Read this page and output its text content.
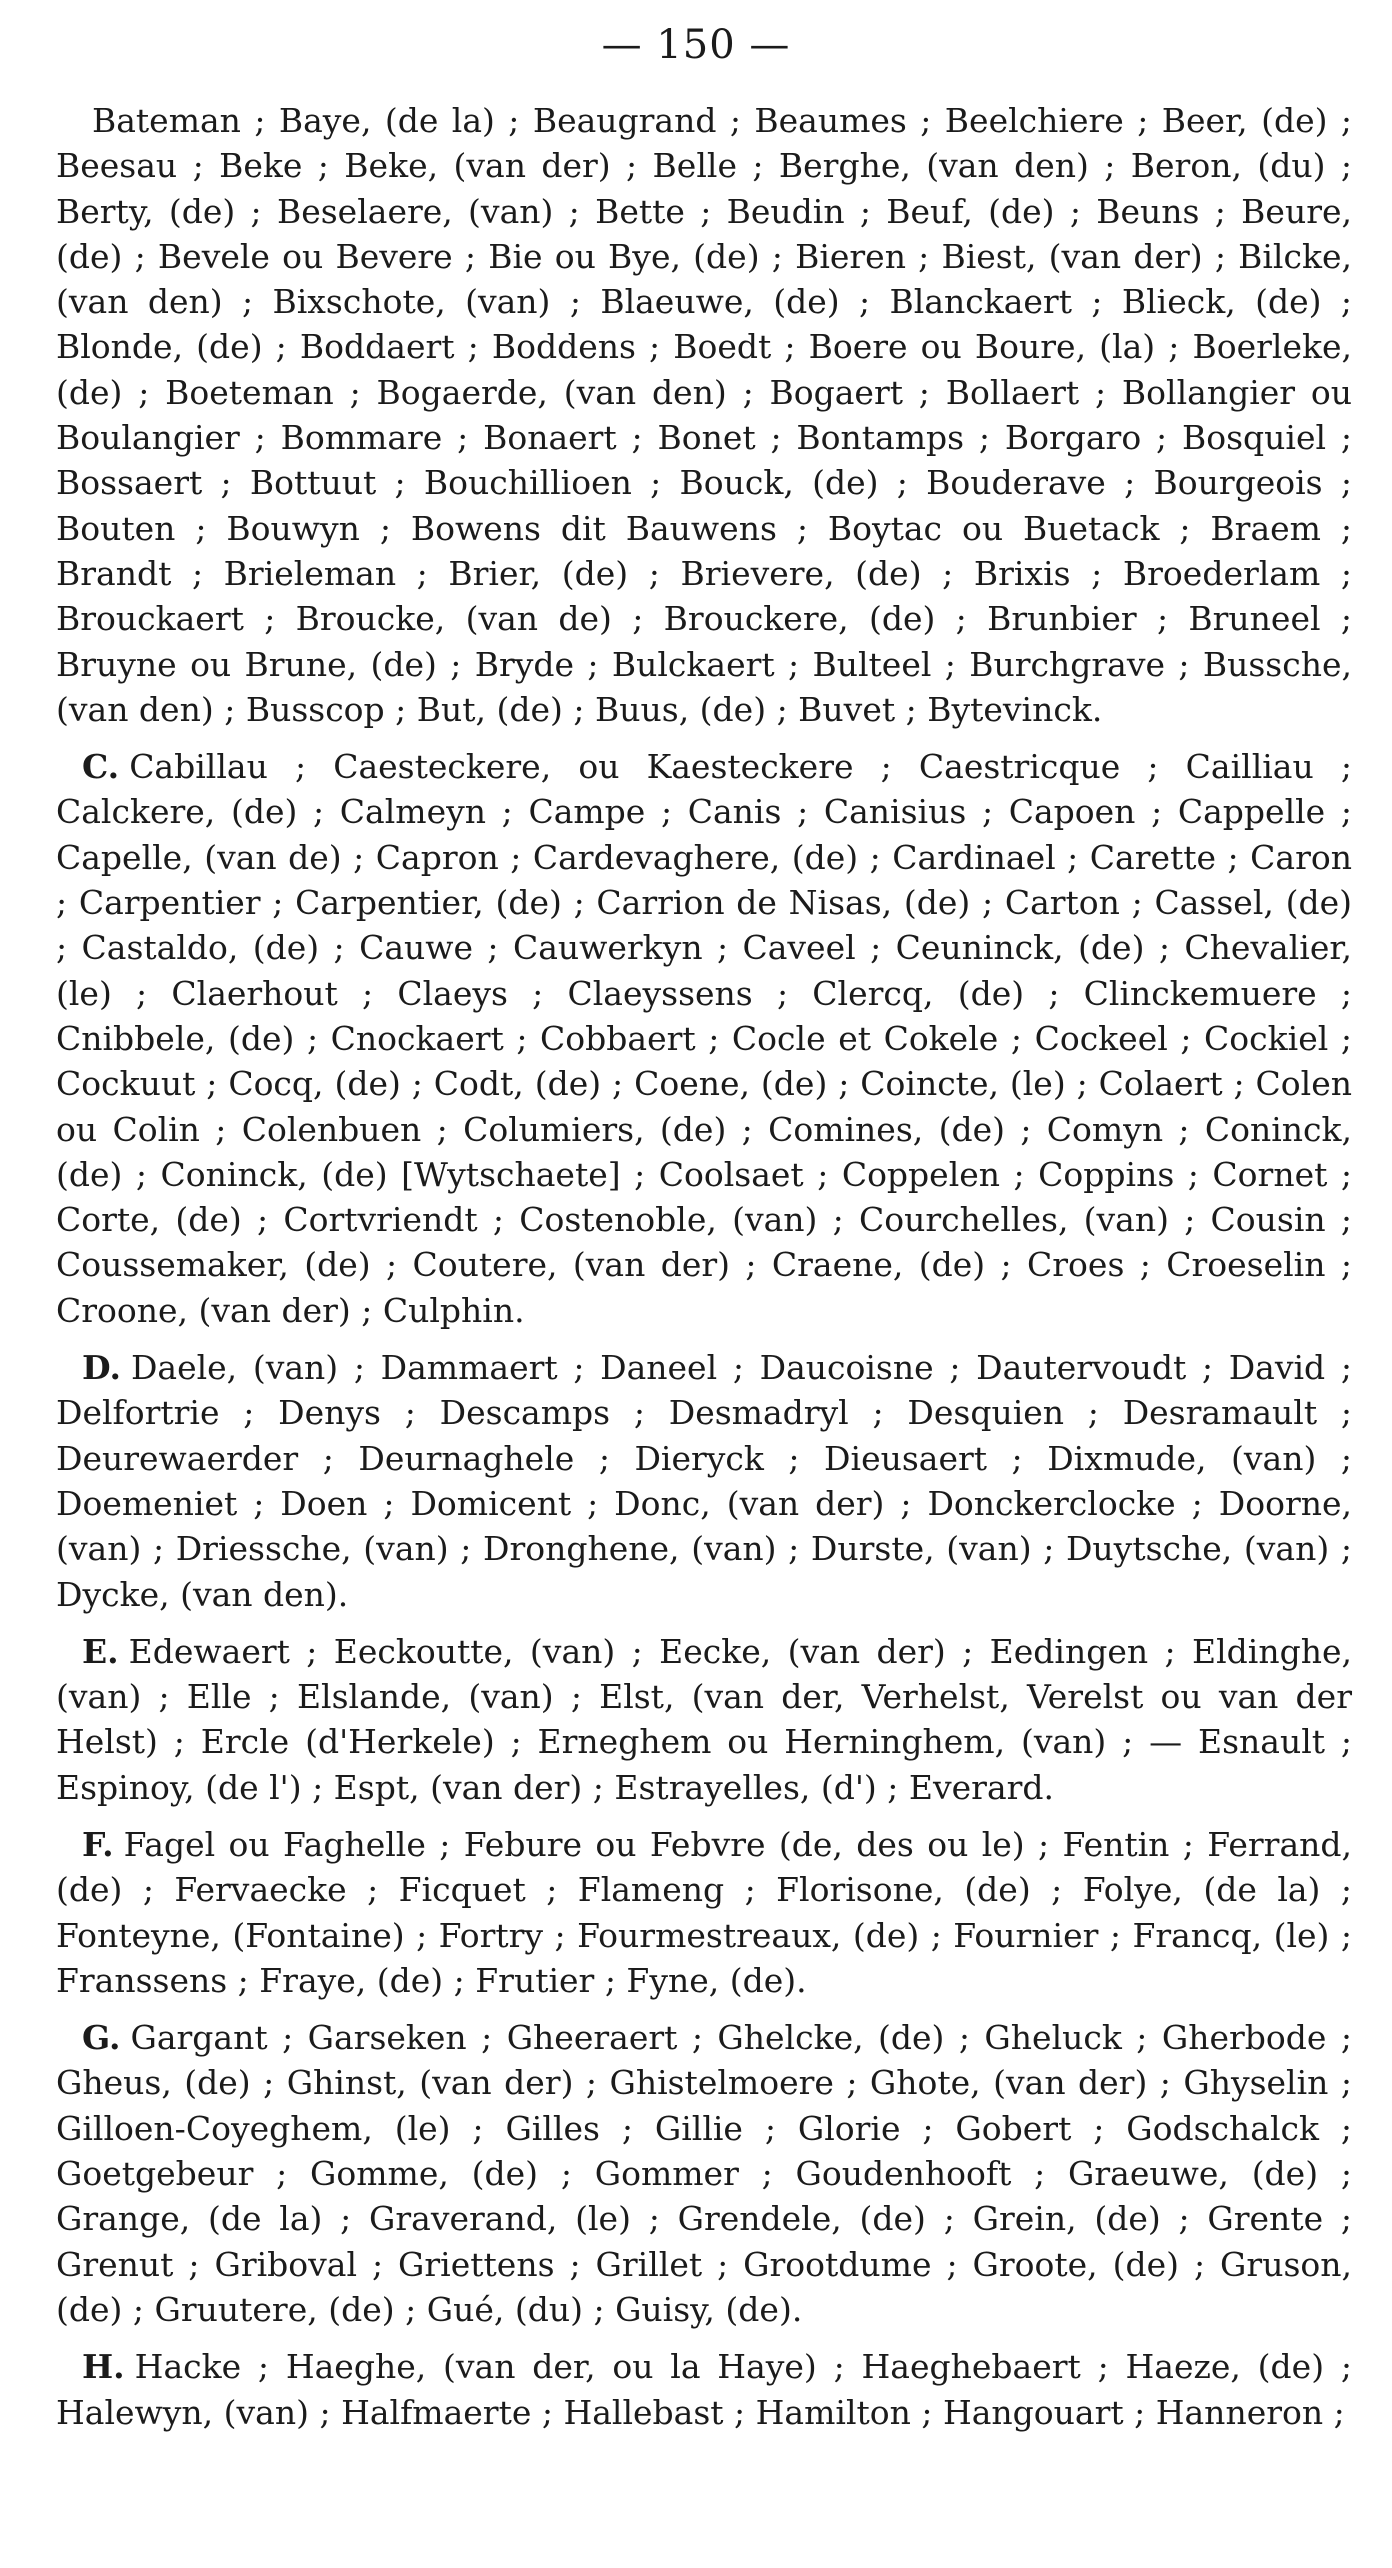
— 150 —

Bateman ; Baye, (de la) ; Beaugrand ; Beaumes ; Beelchiere ; Beer, (de) ; Beesau ; Beke ; Beke, (van der) ; Belle ; Berghe, (van den) ; Beron, (du) ; Berty, (de) ; Beselaere, (van) ; Bette ; Beudin ; Beuf, (de) ; Beuns ; Beure, (de) ; Bevele ou Bevere ; Bie ou Bye, (de) ; Bieren ; Biest, (van der) ; Bilcke, (van den) ; Bixschote, (van) ; Blaeuwe, (de) ; Blanckaert ; Blieck, (de) ; Blonde, (de) ; Boddaert ; Boddens ; Boedt ; Boere ou Boure, (la) ; Boerleke, (de) ; Boeteman ; Bogaerde, (van den) ; Bogaert ; Bollaert ; Bollangier ou Boulangier ; Bommare ; Bonaert ; Bonet ; Bontamps ; Borgaro ; Bosquiel ; Bossaert ; Bottuut ; Bouchillioen ; Bouck, (de) ; Bouderave ; Bourgeois ; Bouten ; Bouwyn ; Bowens dit Bauwens ; Boytac ou Buetack ; Braem ; Brandt ; Brieleman ; Brier, (de) ; Brievere, (de) ; Brixis ; Broederlam ; Brouckaert ; Broucke, (van de) ; Brouckere, (de) ; Brunbier ; Bruneel ; Bruyne ou Brune, (de) ; Bryde ; Bulckaert ; Bulteel ; Burchgrave ; Bussche, (van den) ; Busscop ; But, (de) ; Buus, (de) ; Buvet ; Bytevinck.

C. Cabillau ; Caesteckere, ou Kaesteckere ; Caestricque ; Cailliau ; Calckere, (de) ; Calmeyn ; Campe ; Canis ; Canisius ; Capoen ; Cappelle ; Capelle, (van de) ; Capron ; Cardevaghere, (de) ; Cardinael ; Carette ; Caron ; Carpentier ; Carpentier, (de) ; Carrion de Nisas, (de) ; Carton ; Cassel, (de) ; Castaldo, (de) ; Cauwe ; Cauwerkyn ; Caveel ; Ceuninck, (de) ; Chevalier, (le) ; Claerhout ; Claeys ; Claeyssens ; Clercq, (de) ; Clinckemuere ; Cnibbele, (de) ; Cnockaert ; Cobbaert ; Cocle et Cokele ; Cockeel ; Cockiel ; Cockuut ; Cocq, (de) ; Codt, (de) ; Coene, (de) ; Coincte, (le) ; Colaert ; Colen ou Colin ; Colenbuen ; Columiers, (de) ; Comines, (de) ; Comyn ; Coninck, (de) ; Coninck, (de) [Wytschaete] ; Coolsaet ; Coppelen ; Coppins ; Cornet ; Corte, (de) ; Cortvriendt ; Costenoble, (van) ; Courchelles, (van) ; Cousin ; Coussemaker, (de) ; Coutere, (van der) ; Craene, (de) ; Croes ; Croeselin ; Croone, (van der) ; Culphin.

D. Daele, (van) ; Dammaert ; Daneel ; Daucoisne ; Dautervoudt ; David ; Delfortrie ; Denys ; Descamps ; Desmadryl ; Desquien ; Desramault ; Deurewaerder ; Deurnaghele ; Dieryck ; Dieusaert ; Dixmude, (van) ; Doemeniet ; Doen ; Domicent ; Donc, (van der) ; Donckerclocke ; Doorne, (van) ; Driessche, (van) ; Dronghene, (van) ; Durste, (van) ; Duytsche, (van) ; Dycke, (van den).

E. Edewaert ; Eeckoutte, (van) ; Eecke, (van der) ; Eedingen ; Eldinghe, (van) ; Elle ; Elslande, (van) ; Elst, (van der, Verhelst, Verelst ou van der Helst) ; Ercle (d'Herkele) ; Erneghem ou Herninghem, (van) ; — Esnault ; Espinoy, (de l') ; Espt, (van der) ; Estrayelles, (d') ; Everard.

F. Fagel ou Faghelle ; Febure ou Febvre (de, des ou le) ; Fentin ; Ferrand, (de) ; Fervaecke ; Ficquet ; Flameng ; Florisone, (de) ; Folye, (de la) ; Fonteyne, (Fontaine) ; Fortry ; Fourmestreaux, (de) ; Fournier ; Francq, (le) ; Franssens ; Fraye, (de) ; Frutier ; Fyne, (de).

G. Gargant ; Garseken ; Gheeraert ; Ghelcke, (de) ; Gheluck ; Gherbode ; Gheus, (de) ; Ghinst, (van der) ; Ghistelmoere ; Ghote, (van der) ; Ghyselin ; Gilloen-Coyeghem, (le) ; Gilles ; Gillie ; Glorie ; Gobert ; Godschalck ; Goetgebeur ; Gomme, (de) ; Gommer ; Goudenhooft ; Graeuwe, (de) ; Grange, (de la) ; Graverand, (le) ; Grendele, (de) ; Grein, (de) ; Grente ; Grenut ; Griboval ; Griettens ; Grillet ; Grootdume ; Groote, (de) ; Gruson, (de) ; Gruutere, (de) ; Gué, (du) ; Guisy, (de).

H. Hacke ; Haeghe, (van der, ou la Haye) ; Haeghebaert ; Haeze, (de) ; Halewyn, (van) ; Halfmaerte ; Hallebast ; Hamilton ; Hangouart ; Hanneron ;
